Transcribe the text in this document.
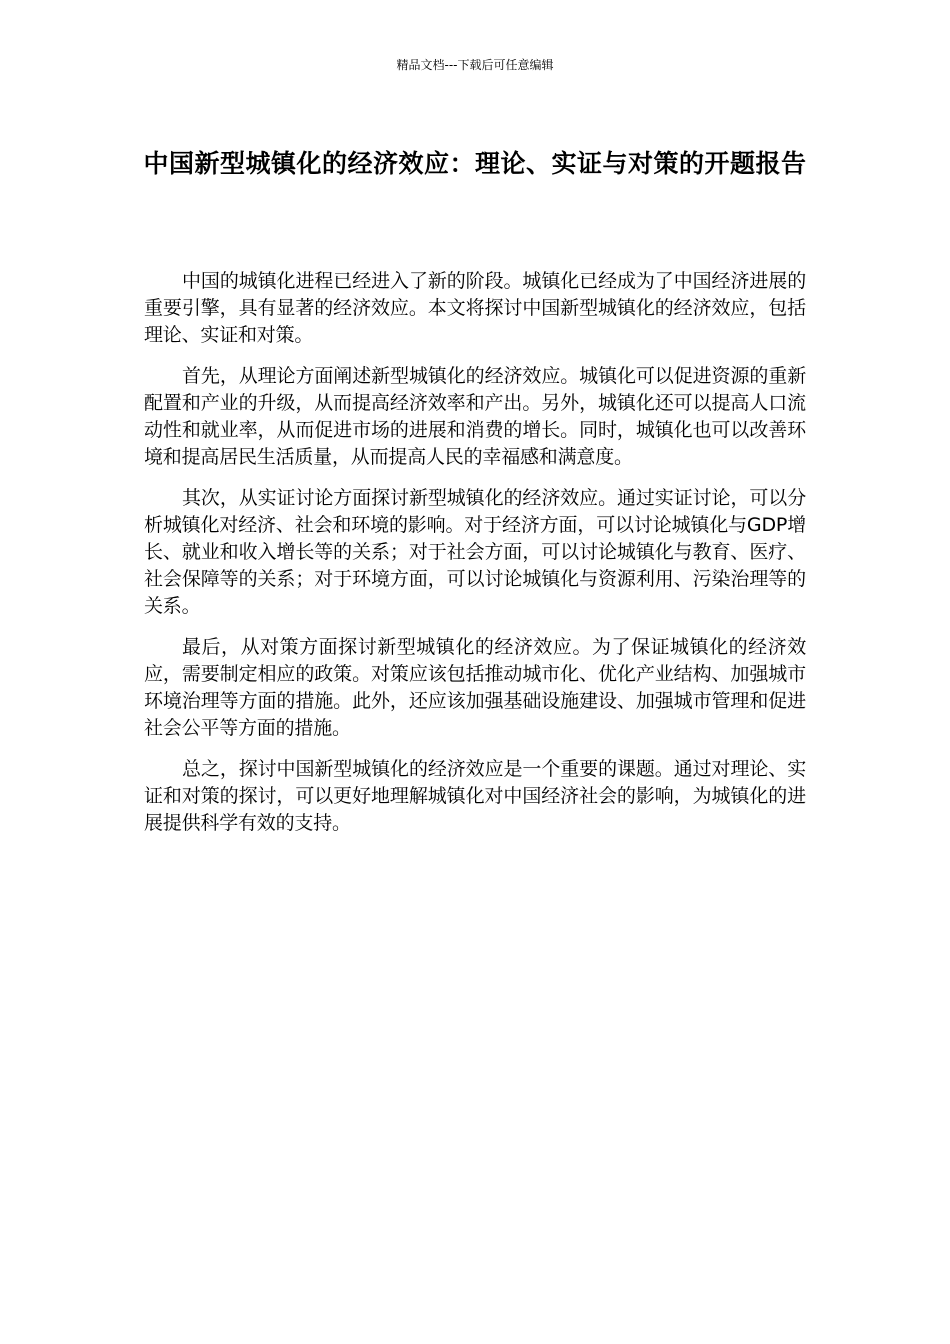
精品文档---下载后可任意编辑
中国新型城镇化的经济效应：理论、实证与对策的开题报告

中国的城镇化进程已经进入了新的阶段。城镇化已经成为了中国经济进展的重要引擎，具有显著的经济效应。本文将探讨中国新型城镇化的经济效应，包括理论、实证和对策。

首先，从理论方面阐述新型城镇化的经济效应。城镇化可以促进资源的重新配置和产业的升级，从而提高经济效率和产出。另外，城镇化还可以提高人口流动性和就业率，从而促进市场的进展和消费的增长。同时，城镇化也可以改善环境和提高居民生活质量，从而提高人民的幸福感和满意度。

其次，从实证讨论方面探讨新型城镇化的经济效应。通过实证讨论，可以分析城镇化对经济、社会和环境的影响。对于经济方面，可以讨论城镇化与GDP增长、就业和收入增长等的关系；对于社会方面，可以讨论城镇化与教育、医疗、社会保障等的关系；对于环境方面，可以讨论城镇化与资源利用、污染治理等的关系。

最后，从对策方面探讨新型城镇化的经济效应。为了保证城镇化的经济效应，需要制定相应的政策。对策应该包括推动城市化、优化产业结构、加强城市环境治理等方面的措施。此外，还应该加强基础设施建设、加强城市管理和促进社会公平等方面的措施。

总之，探讨中国新型城镇化的经济效应是一个重要的课题。通过对理论、实证和对策的探讨，可以更好地理解城镇化对中国经济社会的影响，为城镇化的进展提供科学有效的支持。
